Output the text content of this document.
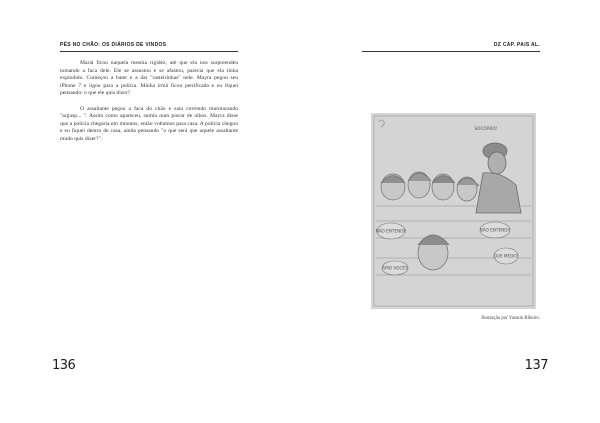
PÉS NO CHÃO: OS DIÁRIOS DE VINDOS

Mariá ficou naquela mesma rigidez, até que ela nos surpreendeu tomando a faca dele. Ele se assustou e se afastou, parecia que ela tinha explodido. Começou a bater e a dar "rasteirinhas" nele. Mayra pegou seu iPhone 7 e ligou para a polícia. Minha irmã ficou petrificada e eu fiquei pensando: o que ele quis dizer?

O assaltante pegou a faca do chão e saiu correndo murmurando "argusp... ". Assim como apareceu, sumiu num piscar de olhos. Mayra disse que a polícia chegaria em minutos, então voltamos para casa. A polícia chegou e eu fiquei dentro de casa, ainda pensando "o que será que aquele assaltante mudo quis dizer?".

136
DZ CAP. PAIS AL.
SOCORRO!
NÃO ENTENDI!	NÃO ENTENDI!
QUE MEDO!
AMO VOCÊS
Ilustração por Yasmin Ribeiro.
137
